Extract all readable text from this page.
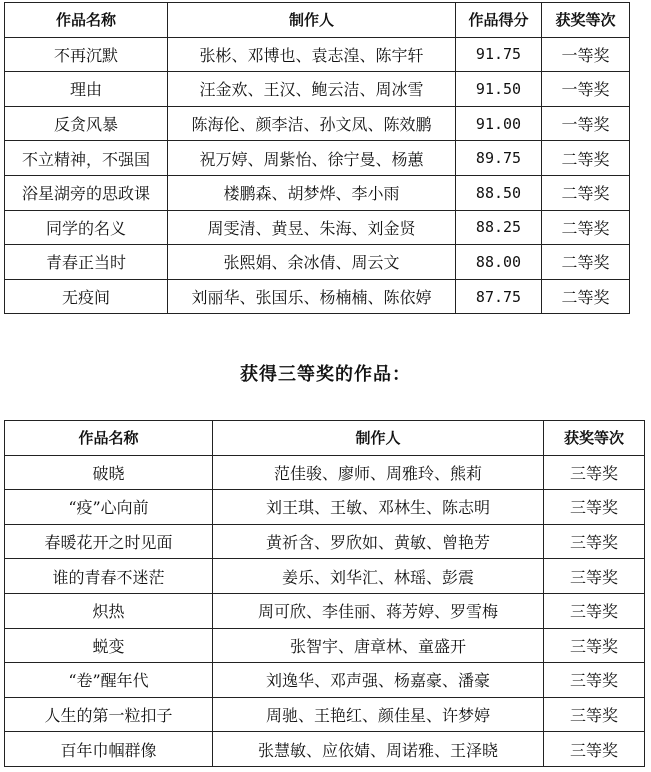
作品名称	制作人	作品得分	获奖等次
不再沉默	张彬、邓博也、袁志湟、陈宇轩	91.75	一等奖
理由	汪金欢、王汉、鲍云洁、周冰雪	91.50	一等奖
反贪风暴	陈海伦、颜李洁、孙文凤、陈效鹏	91.00	一等奖
不立精神，不强国	祝万婷、周紫怡、徐宁曼、杨蕙	89.75	二等奖
浴星湖旁的思政课	楼鹏森、胡梦烨、李小雨	88.50	二等奖
同学的名义	周雯清、黄昱、朱海、刘金贤	88.25	二等奖
青春正当时	张熙娟、余冰倩、周云文	88.00	二等奖
无疫间	刘丽华、张国乐、杨楠楠、陈依婷	87.75	二等奖
获得三等奖的作品：
作品名称	制作人	获奖等次
破晓	范佳骏、廖师、周雅玲、熊莉	三等奖
“疫”心向前	刘王琪、王敏、邓林生、陈志明	三等奖
春暖花开之时见面	黄祈含、罗欣如、黄敏、曾艳芳	三等奖
谁的青春不迷茫	姜乐、刘华汇、林瑶、彭震	三等奖
炽热	周可欣、李佳丽、蒋芳婷、罗雪梅	三等奖
蜕变	张智宇、唐章林、童盛开	三等奖
“卷”醒年代	刘逸华、邓声强、杨嘉豪、潘豪	三等奖
人生的第一粒扣子	周驰、王艳红、颜佳星、许梦婷	三等奖
百年巾帼群像	张慧敏、应依婧、周诺雅、王泽晓	三等奖
